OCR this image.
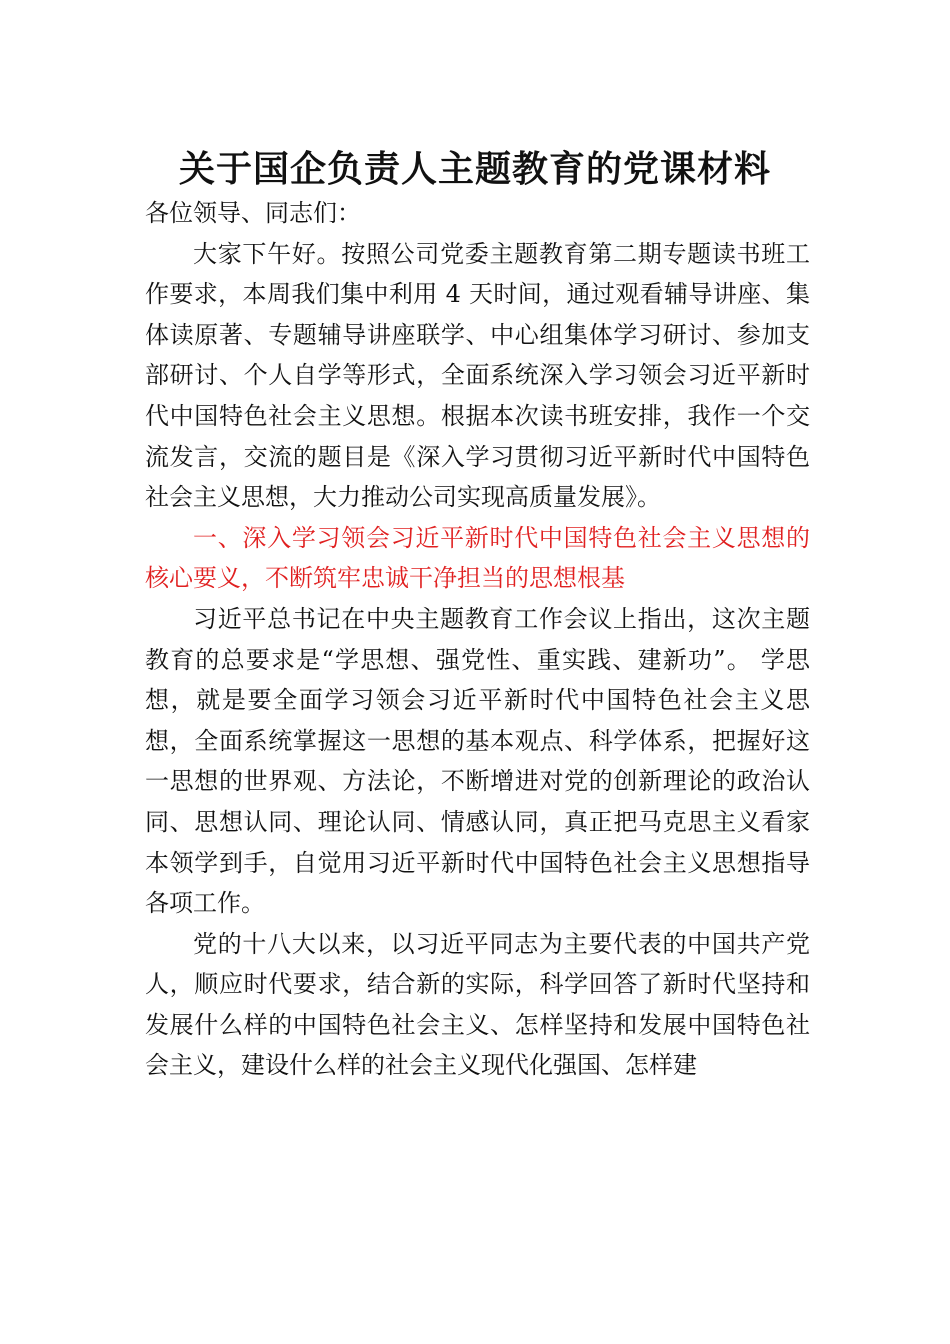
关于国企负责人主题教育的党课材料

各位领导、同志们：

大家下午好。按照公司党委主题教育第二期专题读书班工作要求，本周我们集中利用 4 天时间，通过观看辅导讲座、集体读原著、专题辅导讲座联学、中心组集体学习研讨、参加支部研讨、个人自学等形式，全面系统深入学习领会习近平新时代中国特色社会主义思想。根据本次读书班安排，我作一个交流发言，交流的题目是《深入学习贯彻习近平新时代中国特色社会主义思想，大力推动公司实现高质量发展》。

一、深入学习领会习近平新时代中国特色社会主义思想的核心要义，不断筑牢忠诚干净担当的思想根基

习近平总书记在中央主题教育工作会议上指出，这次主题教育的总要求是“学思想、强党性、重实践、建新功”。 学思想，就是要全面学习领会习近平新时代中国特色社会主义思想，全面系统掌握这一思想的基本观点、科学体系，把握好这一思想的世界观、方法论，不断增进对党的创新理论的政治认同、思想认同、理论认同、情感认同，真正把马克思主义看家本领学到手，自觉用习近平新时代中国特色社会主义思想指导各项工作。

党的十八大以来，以习近平同志为主要代表的中国共产党人，顺应时代要求，结合新的实际，科学回答了新时代坚持和发展什么样的中国特色社会主义、怎样坚持和发展中国特色社会主义，建设什么样的社会主义现代化强国、怎样建
